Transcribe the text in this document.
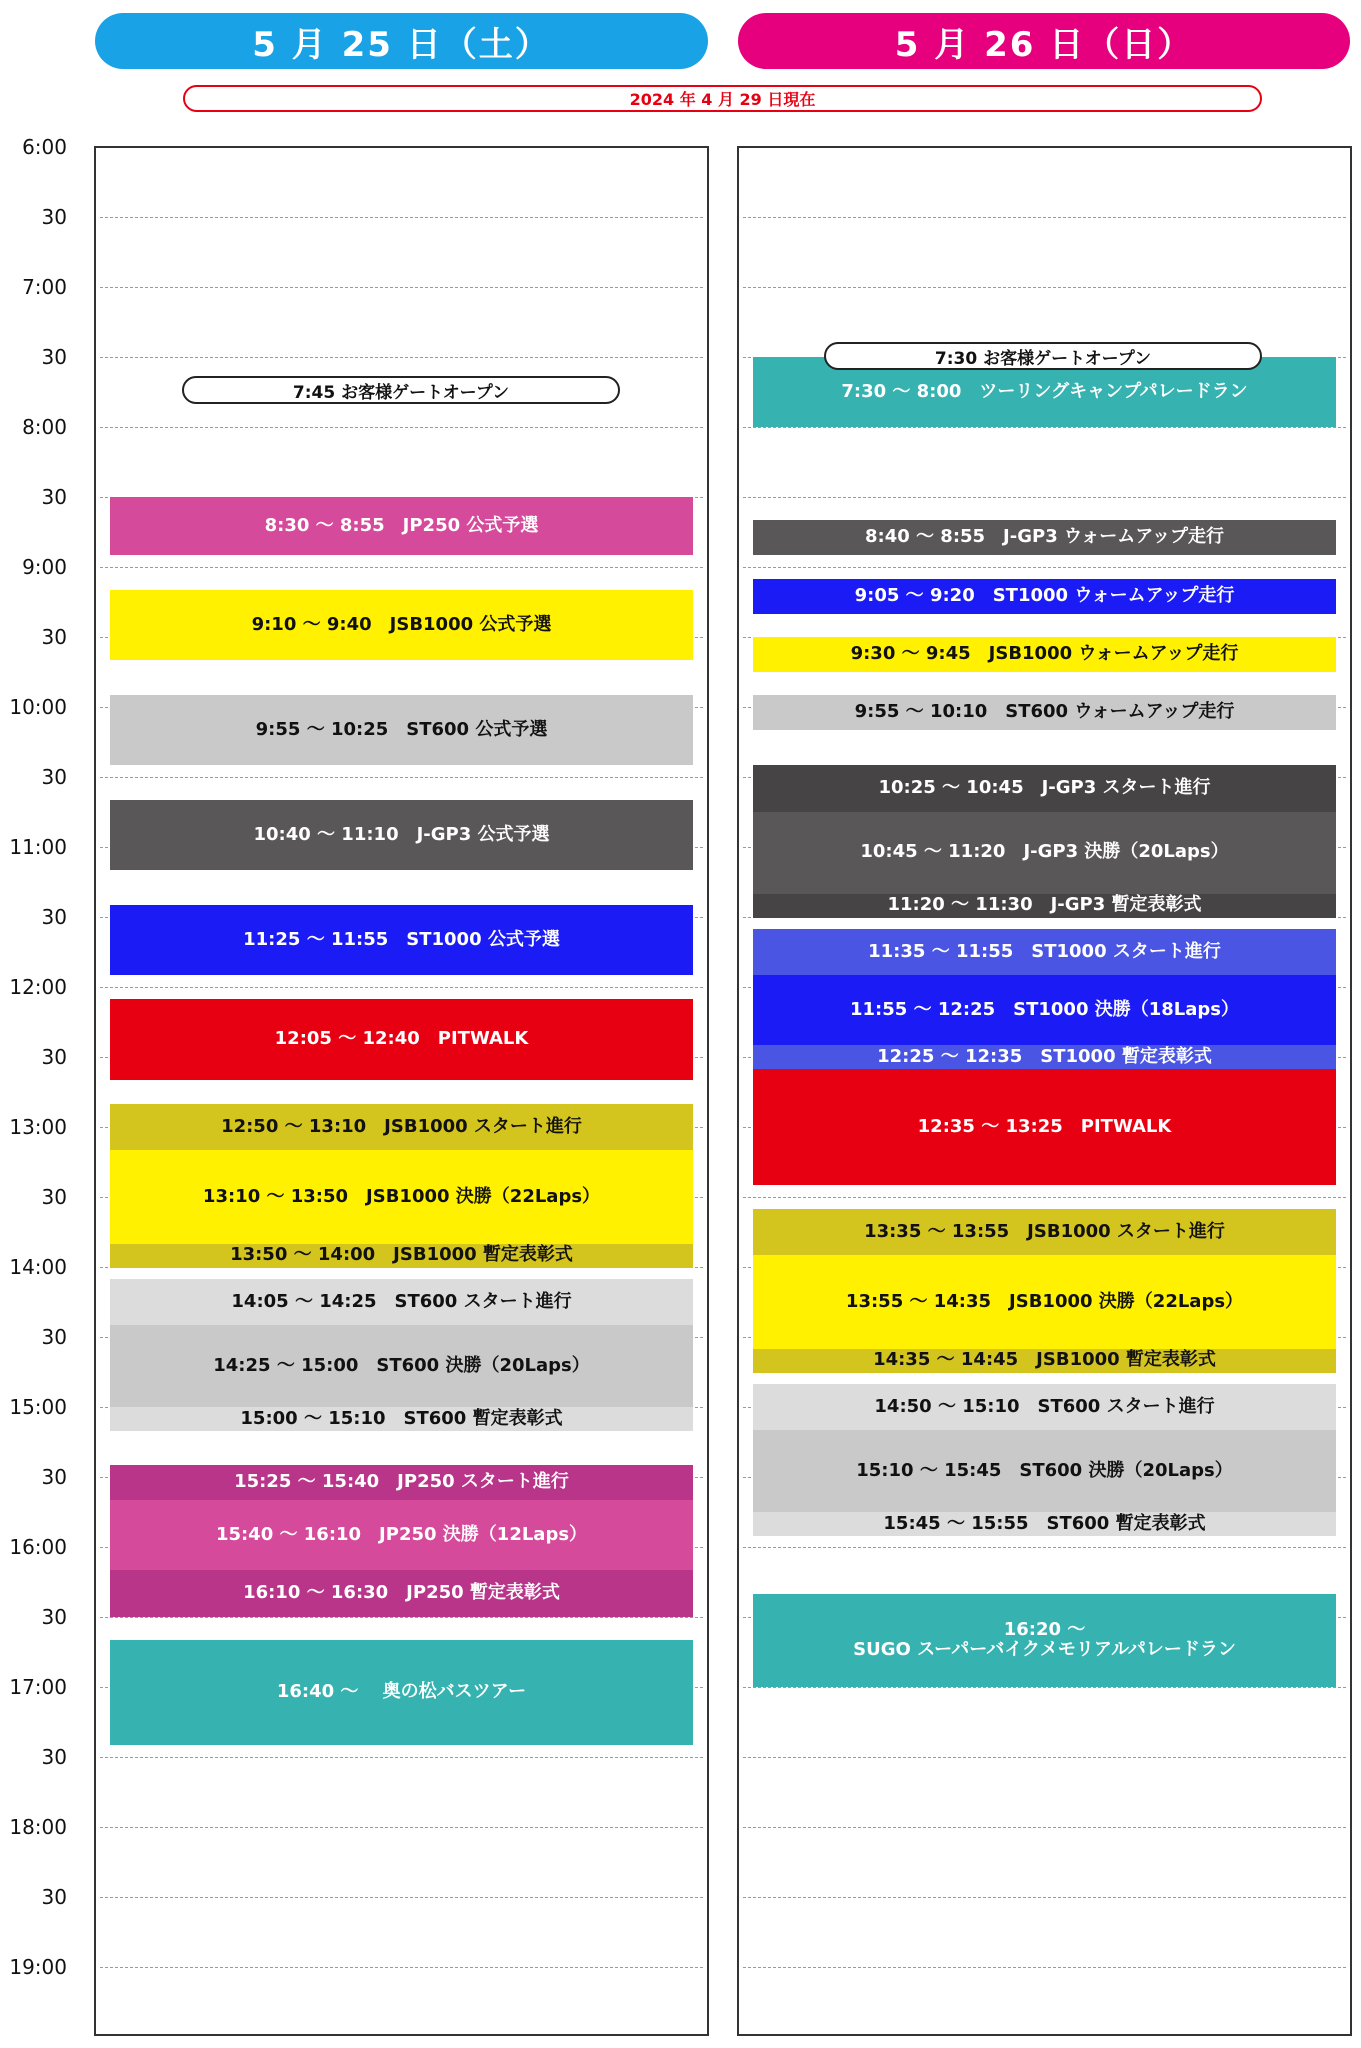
5 月 25 日（土）	5 月 26 日（日）
2024 年 4 月 29 日現在
6:00
30
7:00
30
8:00
30
9:00
30
10:00
30
11:00
30
12:00
30
13:00
30
14:00
30
15:00
30
16:00
30
17:00
30
18:00
30
19:00
7:45 お客様ゲートオープン
7:30 お客様ゲートオープン
8:30 ～ 8:55　JP250 公式予選
9:10 ～ 9:40　JSB1000 公式予選
9:55 ～ 10:25　ST600 公式予選
10:40 ～ 11:10　J-GP3 公式予選
11:25 ～ 11:55　ST1000 公式予選
12:05 ～ 12:40　PITWALK
12:50 ～ 13:10　JSB1000 スタート進行
13:10 ～ 13:50　JSB1000 決勝（22Laps）
13:50 ～ 14:00　JSB1000 暫定表彰式
14:05 ～ 14:25　ST600 スタート進行
14:25 ～ 15:00　ST600 決勝（20Laps）
15:00 ～ 15:10　ST600 暫定表彰式
15:25 ～ 15:40　JP250 スタート進行
15:40 ～ 16:10　JP250 決勝（12Laps）
16:10 ～ 16:30　JP250 暫定表彰式
16:40 ～　 奥の松バスツアー
7:30 ～ 8:00　ツーリングキャンプパレードラン
8:40 ～ 8:55　J-GP3 ウォームアップ走行
9:05 ～ 9:20　ST1000 ウォームアップ走行
9:30 ～ 9:45　JSB1000 ウォームアップ走行
9:55 ～ 10:10　ST600 ウォームアップ走行
10:25 ～ 10:45　J-GP3 スタート進行
10:45 ～ 11:20　J-GP3 決勝（20Laps）
11:20 ～ 11:30　J-GP3 暫定表彰式
11:35 ～ 11:55　ST1000 スタート進行
11:55 ～ 12:25　ST1000 決勝（18Laps）
12:25 ～ 12:35　ST1000 暫定表彰式
12:35 ～ 13:25　PITWALK
13:35 ～ 13:55　JSB1000 スタート進行
13:55 ～ 14:35　JSB1000 決勝（22Laps）
14:35 ～ 14:45　JSB1000 暫定表彰式
14:50 ～ 15:10　ST600 スタート進行
15:10 ～ 15:45　ST600 決勝（20Laps）
15:45 ～ 15:55　ST600 暫定表彰式
16:20 ～
SUGO スーパーバイクメモリアルパレードラン
